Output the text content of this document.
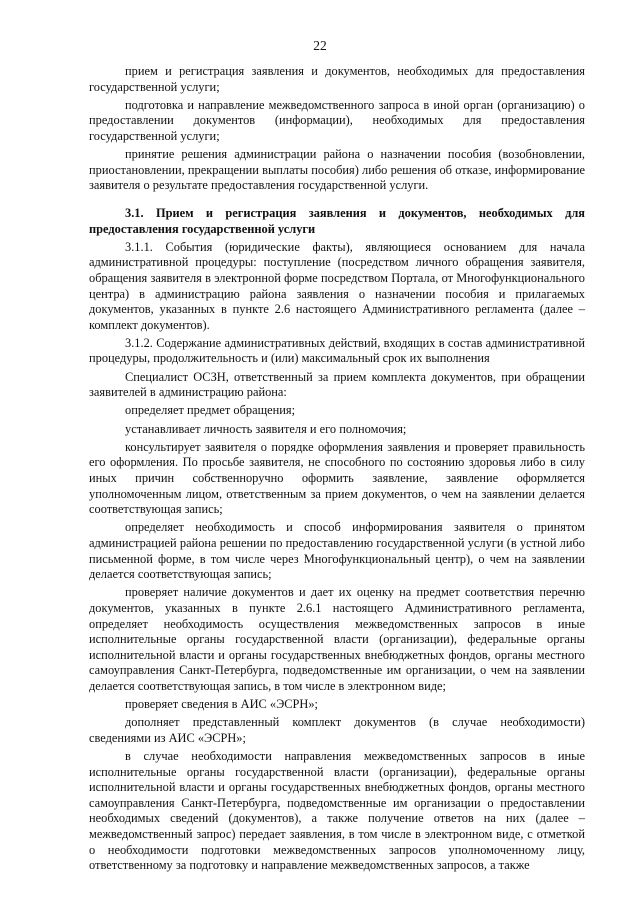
22

прием и регистрация заявления и документов, необходимых для предоставления государственной услуги;

подготовка и направление межведомственного запроса в иной орган (организацию) о предоставлении документов (информации), необходимых для предоставления государственной услуги;

принятие решения администрации района о назначении пособия (возобновлении, приостановлении, прекращении выплаты пособия) либо решения об отказе, информирование заявителя о результате предоставления государственной услуги.

3.1. Прием и регистрация заявления и документов, необходимых для предоставления государственной услуги

3.1.1. События (юридические факты), являющиеся основанием для начала административной процедуры: поступление (посредством личного обращения заявителя, обращения заявителя в электронной форме посредством Портала, от Многофункционального центра) в администрацию района заявления о назначении пособия и прилагаемых документов, указанных в пункте 2.6 настоящего Административного регламента (далее – комплект документов).

3.1.2. Содержание административных действий, входящих в состав административной процедуры, продолжительность и (или) максимальный срок их выполнения

Специалист ОСЗН, ответственный за прием комплекта документов, при обращении заявителей в администрацию района:

определяет предмет обращения;

устанавливает личность заявителя и его полномочия;

консультирует заявителя о порядке оформления заявления и проверяет правильность его оформления. По просьбе заявителя, не способного по состоянию здоровья либо в силу иных причин собственноручно оформить заявление, заявление оформляется уполномоченным лицом, ответственным за прием документов, о чем на заявлении делается соответствующая запись;

определяет необходимость и способ информирования заявителя о принятом администрацией района решении по предоставлению государственной услуги (в устной либо письменной форме, в том числе через Многофункциональный центр), о чем на заявлении делается соответствующая запись;

проверяет наличие документов и дает их оценку на предмет соответствия перечню документов, указанных в пункте 2.6.1 настоящего Административного регламента, определяет необходимость осуществления межведомственных запросов в иные исполнительные органы государственной власти (организации), федеральные органы исполнительной власти и органы государственных внебюджетных фондов, органы местного самоуправления Санкт-Петербурга, подведомственные им организации, о чем на заявлении делается соответствующая запись, в том числе в электронном виде;

проверяет сведения в АИС «ЭСРН»;

дополняет представленный комплект документов (в случае необходимости) сведениями из АИС «ЭСРН»;

в случае необходимости направления межведомственных запросов в иные исполнительные органы государственной власти (организации), федеральные органы исполнительной власти и органы государственных внебюджетных фондов, органы местного самоуправления Санкт-Петербурга, подведомственные им организации о предоставлении необходимых сведений (документов), а также получение ответов на них (далее – межведомственный запрос) передает заявления, в том числе в электронном виде, с отметкой о необходимости подготовки межведомственных запросов уполномоченному лицу, ответственному за подготовку и направление межведомственных запросов, а также
